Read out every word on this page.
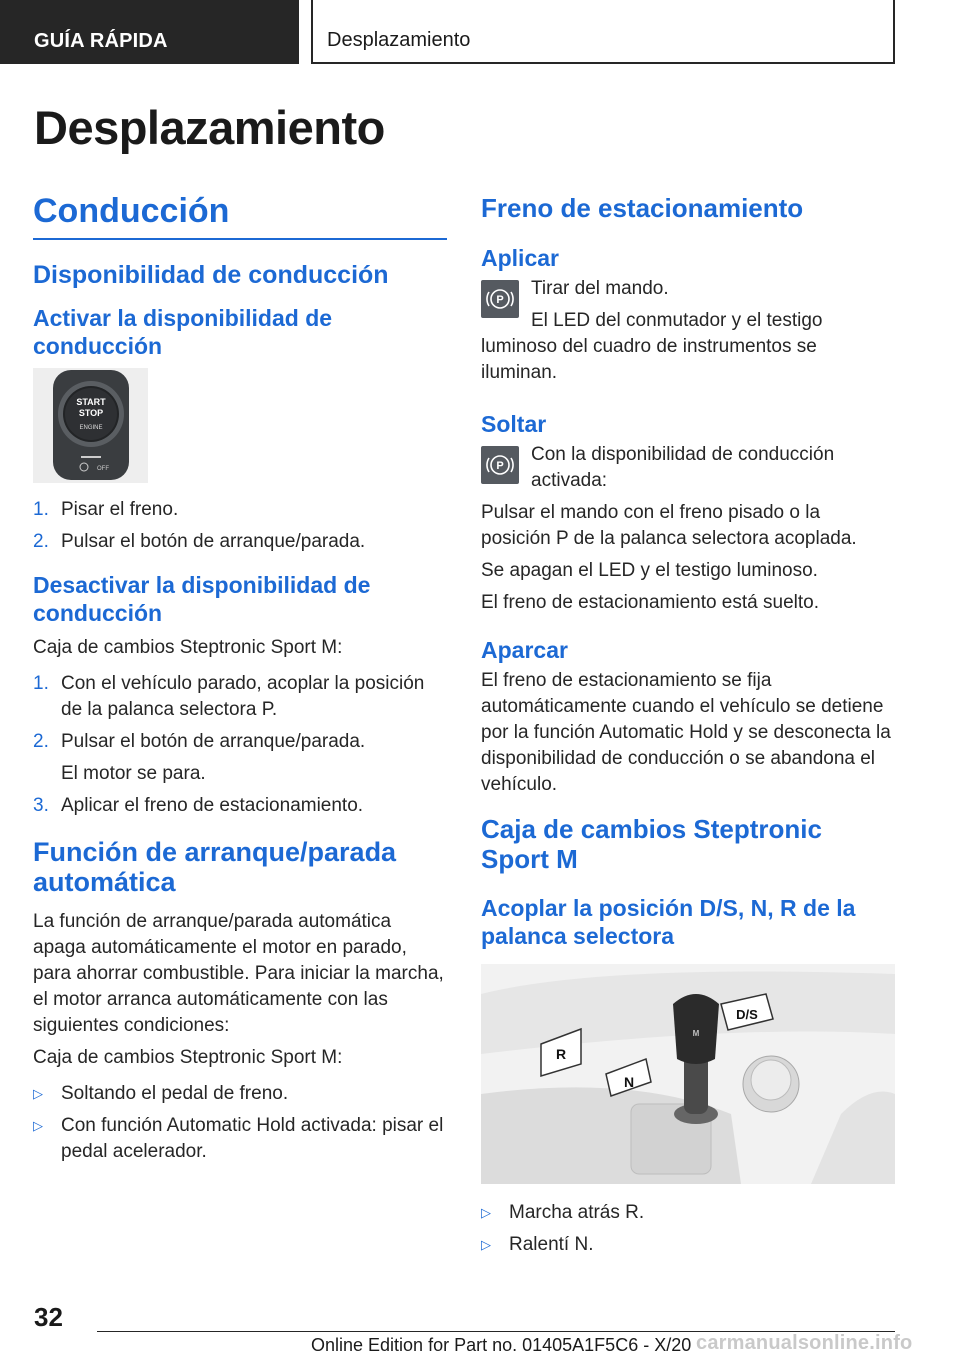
GUÍA RÁPIDA	Desplazamiento
Desplazamiento
Conducción
Disponibilidad de conducción
Activar la disponibilidad de conducción
START
STOP
ENGINE
OFF
1. Pisar el freno.
2. Pulsar el botón de arranque/parada.
Desactivar la disponibilidad de conducción

Caja de cambios Steptronic Sport M:

1. Con el vehículo parado, acoplar la posición de la palanca selectora P.
2. Pulsar el botón de arranque/parada.
El motor se para.
3. Aplicar el freno de estacionamiento.
Función de arranque/parada automática

La función de arranque/parada automática apaga automáticamente el motor en parado, para ahorrar combustible. Para iniciar la marcha, el motor arranca automáticamente con las siguientes condiciones:

Caja de cambios Steptronic Sport M:

▷ Soltando el pedal de freno.
▷ Con función Automatic Hold activada: pisar el pedal acelerador.
Freno de estacionamiento
Aplicar
P

Tirar del mando.

El LED del conmutador y el testigo luminoso del cuadro de instrumentos se iluminan.

Soltar
P

Con la disponibilidad de conducción activada:

Pulsar el mando con el freno pisado o la posición P de la palanca selectora acoplada.

Se apagan el LED y el testigo luminoso.

El freno de estacionamiento está suelto.

Aparcar

El freno de estacionamiento se fija automáticamente cuando el vehículo se detiene por la función Automatic Hold y se desconecta la disponibilidad de conducción o se abandona el vehículo.

Caja de cambios Steptronic Sport M
Acoplar la posición D/S, N, R de la palanca selectora
R
N
D/S
M
▷ Marcha atrás R.
▷ Ralentí N.
32
Online Edition for Part no. 01405A1F5C6 - X/20 carmanualsonline.info
